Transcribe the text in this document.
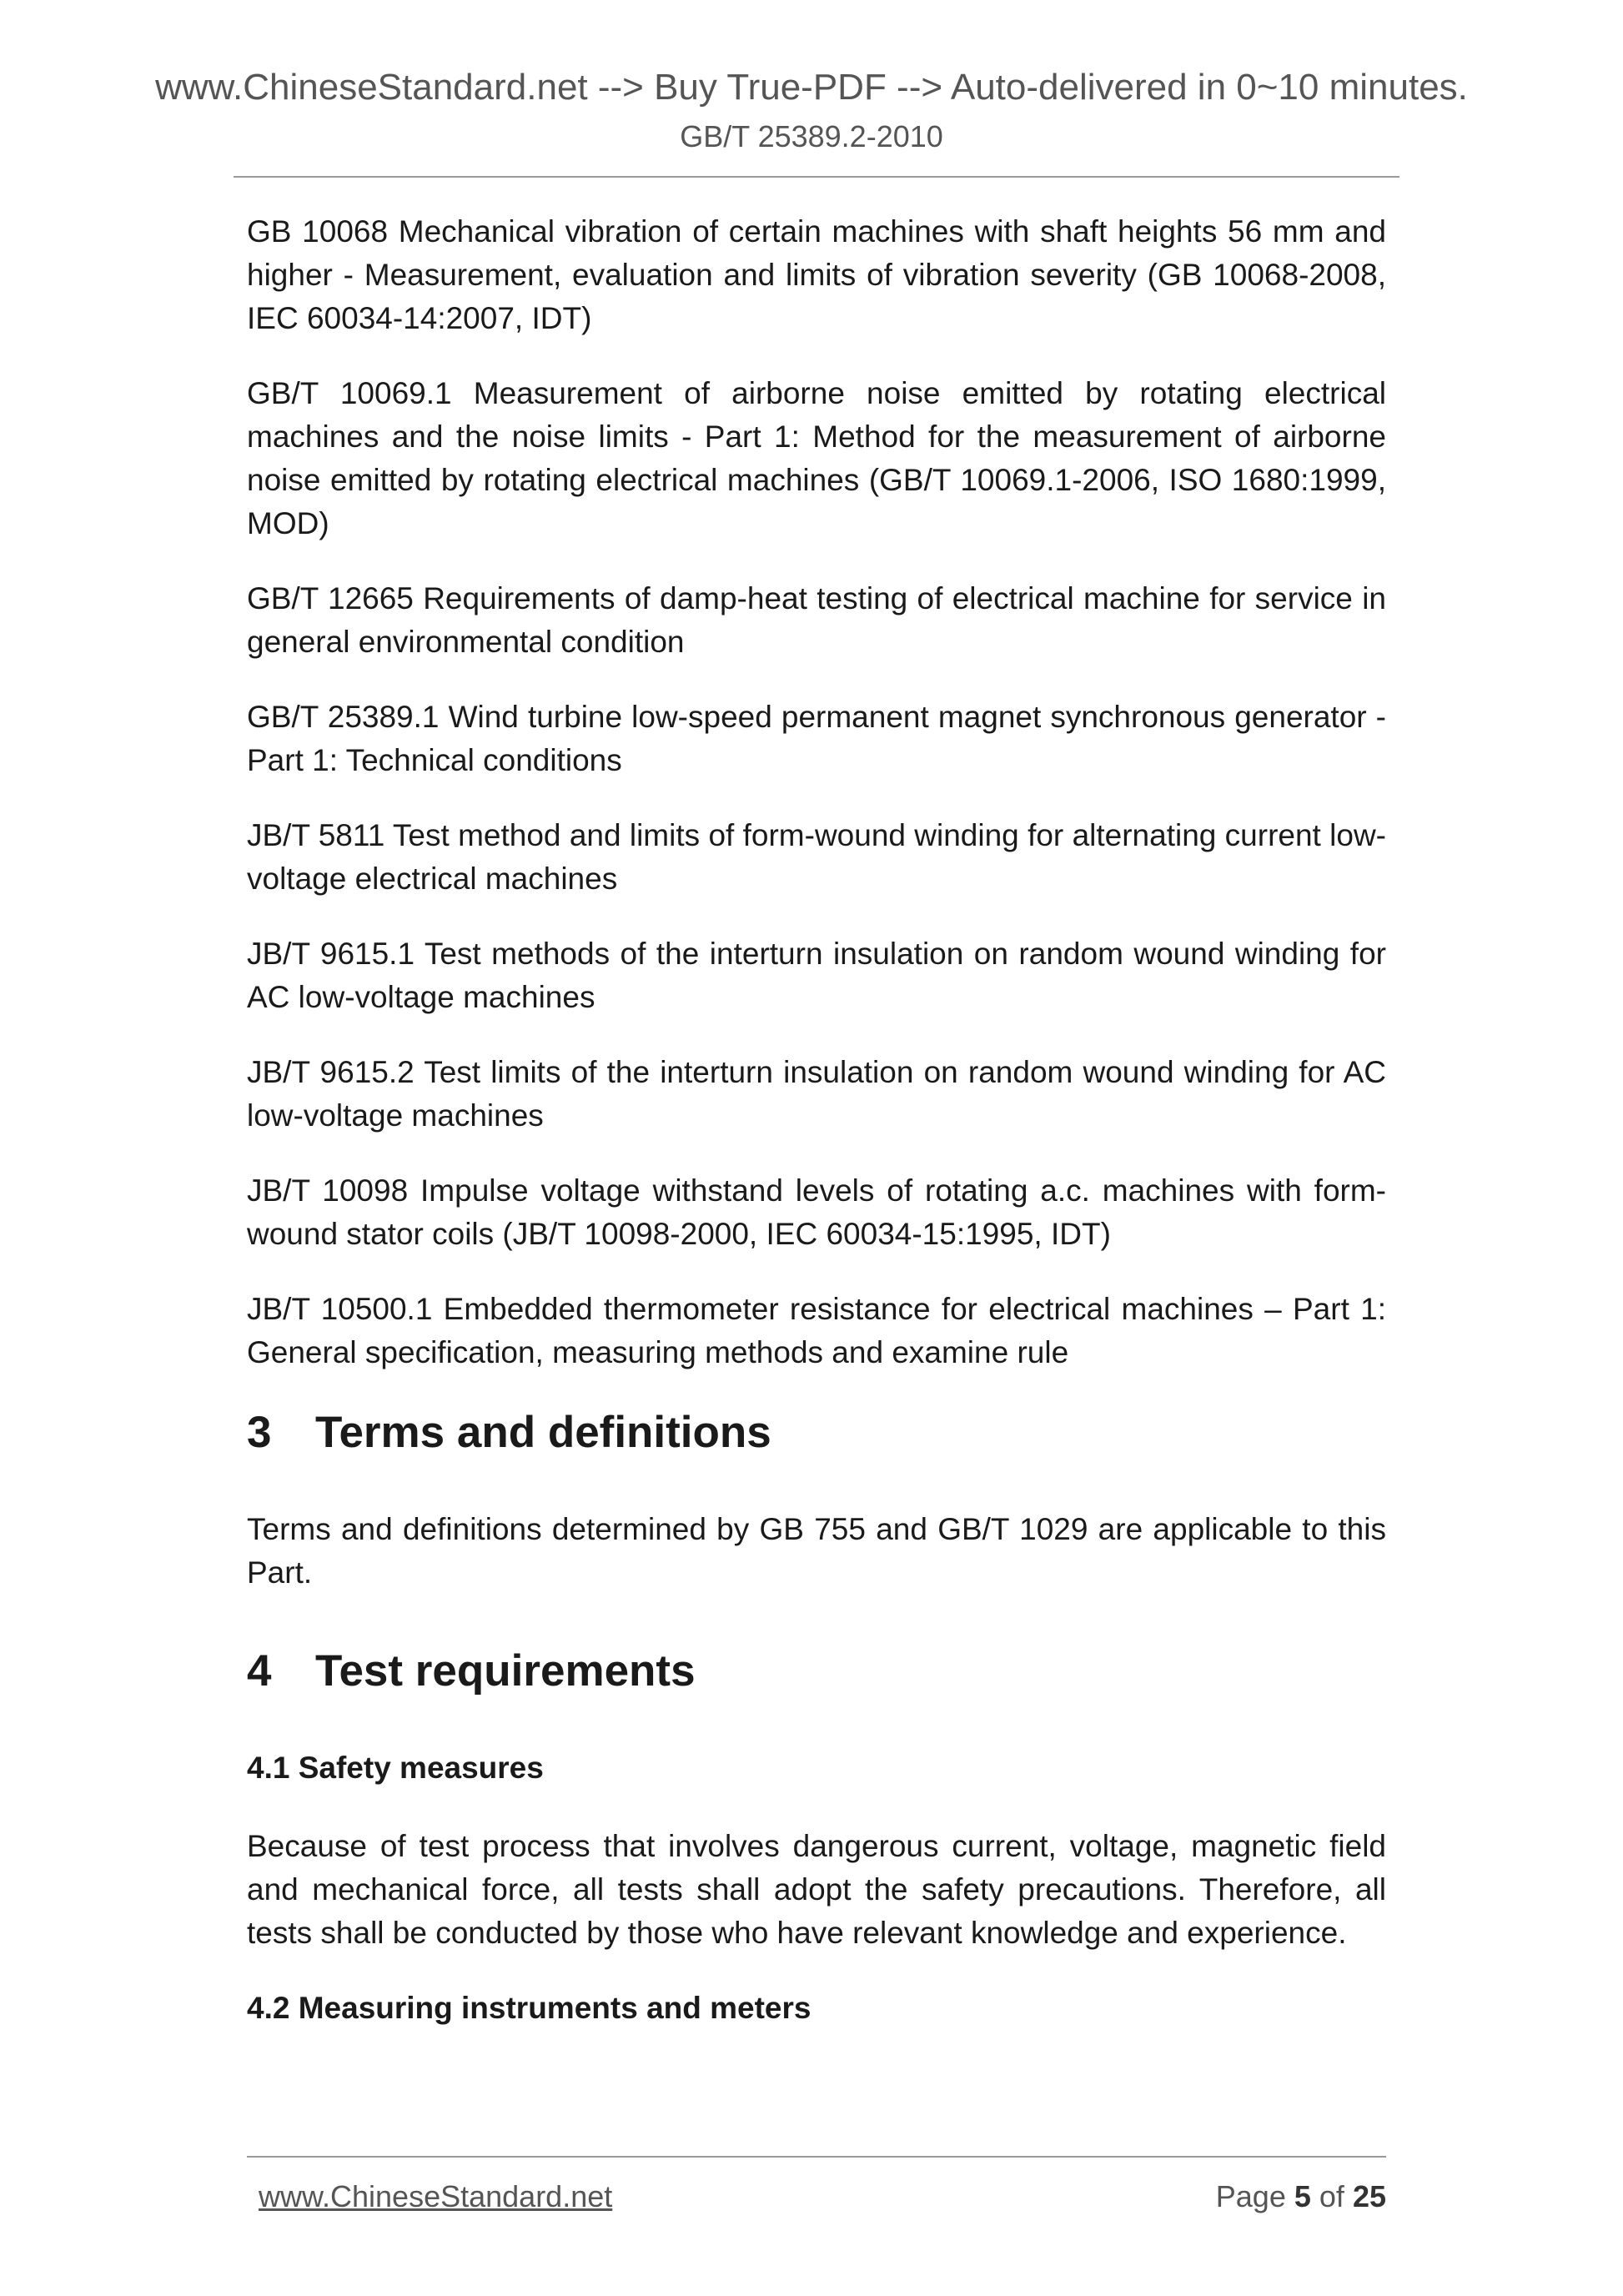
www.ChineseStandard.net --> Buy True-PDF --> Auto-delivered in 0~10 minutes.
GB/T 25389.2-2010

GB 10068 Mechanical vibration of certain machines with shaft heights 56 mm and higher - Measurement, evaluation and limits of vibration severity (GB 10068-2008, IEC 60034-14:2007, IDT)

GB/T 10069.1 Measurement of airborne noise emitted by rotating electrical machines and the noise limits - Part 1: Method for the measurement of airborne noise emitted by rotating electrical machines (GB/T 10069.1-2006, ISO 1680:1999, MOD)

GB/T 12665 Requirements of damp-heat testing of electrical machine for service in general environmental condition

GB/T 25389.1 Wind turbine low-speed permanent magnet synchronous generator - Part 1: Technical conditions

JB/T 5811 Test method and limits of form-wound winding for alternating current low-voltage electrical machines

JB/T 9615.1 Test methods of the interturn insulation on random wound winding for AC low-voltage machines

JB/T 9615.2 Test limits of the interturn insulation on random wound winding for AC low-voltage machines

JB/T 10098 Impulse voltage withstand levels of rotating a.c. machines with form-wound stator coils (JB/T 10098-2000, IEC 60034-15:1995, IDT)

JB/T 10500.1 Embedded thermometer resistance for electrical machines – Part 1: General specification, measuring methods and examine rule

3 Terms and definitions

Terms and definitions determined by GB 755 and GB/T 1029 are applicable to this Part.

4 Test requirements
4.1 Safety measures

Because of test process that involves dangerous current, voltage, magnetic field and mechanical force, all tests shall adopt the safety precautions. Therefore, all tests shall be conducted by those who have relevant knowledge and experience.

4.2 Measuring instruments and meters
www.ChineseStandard.net	Page 5 of 25
